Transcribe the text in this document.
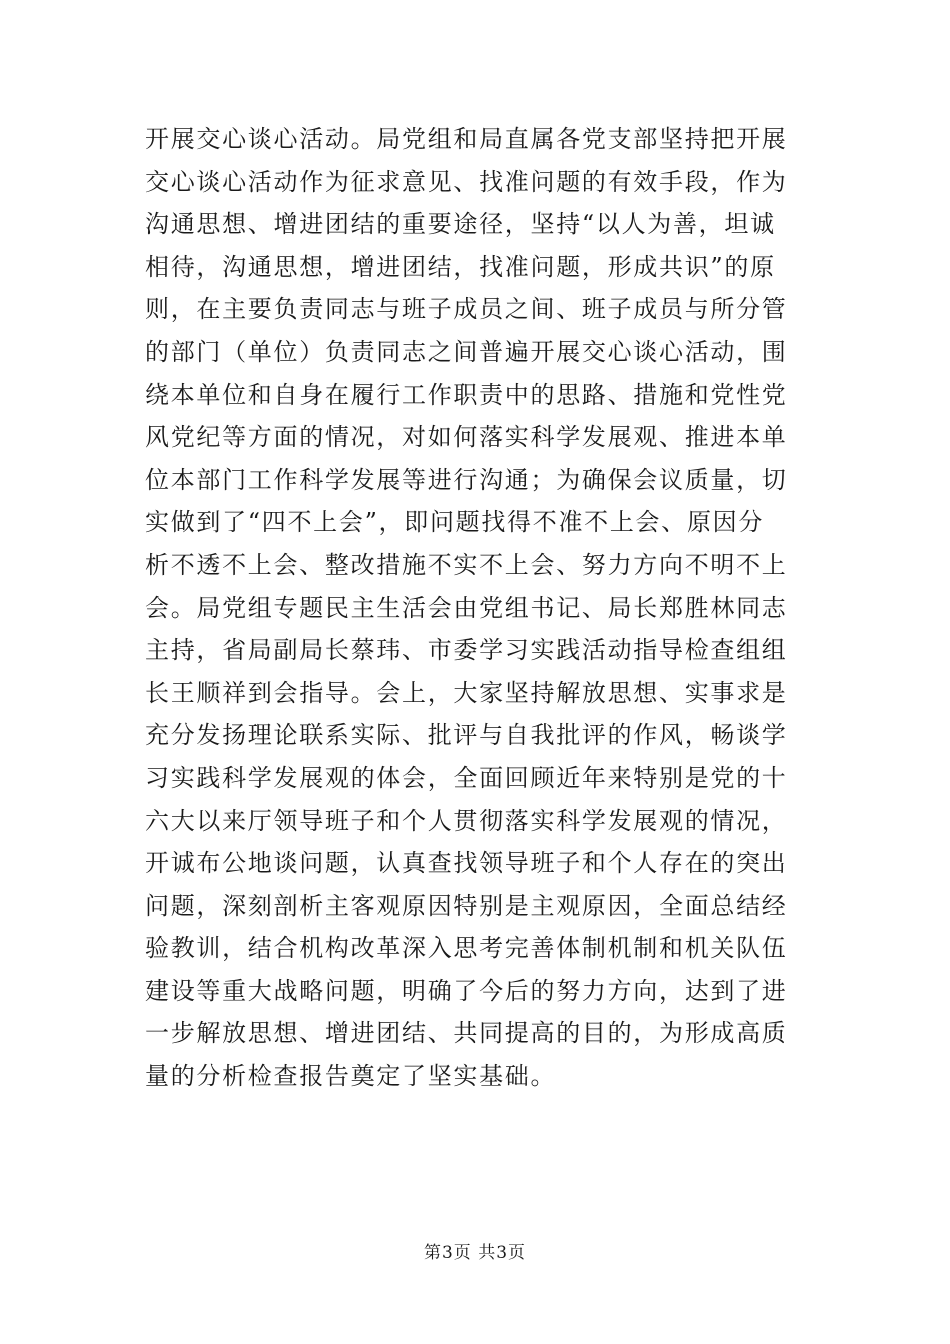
开展交心谈心活动。局党组和局直属各党支部坚持把开展
交心谈心活动作为征求意见、找准问题的有效手段，作为
沟通思想、增进团结的重要途径，坚持“以人为善，坦诚
相待，沟通思想，增进团结，找准问题，形成共识”的原
则，在主要负责同志与班子成员之间、班子成员与所分管
的部门（单位）负责同志之间普遍开展交心谈心活动，围
绕本单位和自身在履行工作职责中的思路、措施和党性党
风党纪等方面的情况，对如何落实科学发展观、推进本单
位本部门工作科学发展等进行沟通；为确保会议质量，切
实做到了“四不上会”，即问题找得不准不上会、原因分
析不透不上会、整改措施不实不上会、努力方向不明不上
会。局党组专题民主生活会由党组书记、局长郑胜林同志
主持，省局副局长蔡玮、市委学习实践活动指导检查组组
长王顺祥到会指导。会上，大家坚持解放思想、实事求是
充分发扬理论联系实际、批评与自我批评的作风，畅谈学
习实践科学发展观的体会，全面回顾近年来特别是党的十
六大以来厅领导班子和个人贯彻落实科学发展观的情况，
开诚布公地谈问题，认真查找领导班子和个人存在的突出
问题，深刻剖析主客观原因特别是主观原因，全面总结经
验教训，结合机构改革深入思考完善体制机制和机关队伍
建设等重大战略问题，明确了今后的努力方向，达到了进
一步解放思想、增进团结、共同提高的目的，为形成高质
量的分析检查报告奠定了坚实基础。
第3页 共3页
